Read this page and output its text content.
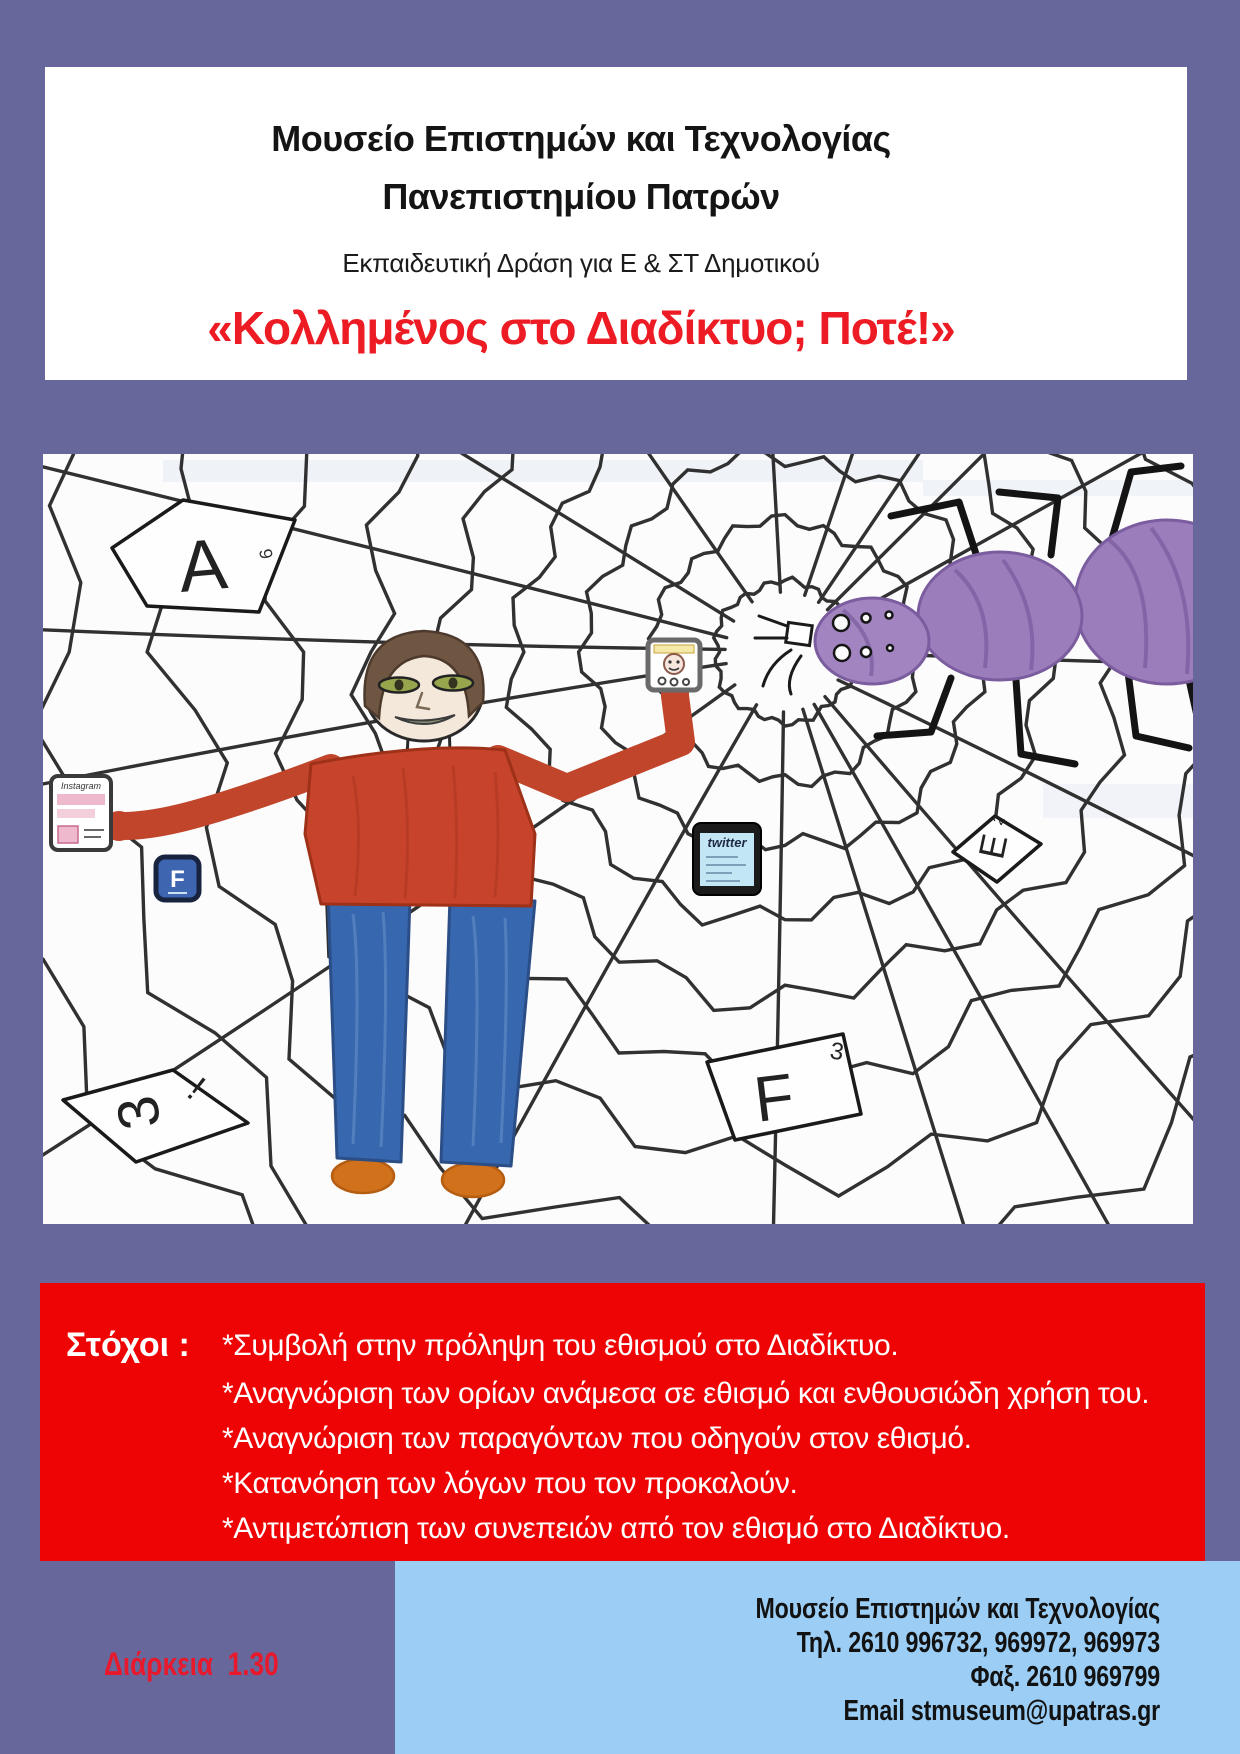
Μουσείο Επιστημών και Τεχνολογίας
Πανεπιστημίου Πατρών
Εκπαιδευτική Δράση για Ε & ΣΤ Δημοτικού
«Κολλημένος στο Διαδίκτυο; Ποτέ!»
A 9
3
!	F
3
E
2
Instagram
F
twitter
Στόχοι :	*Συμβολή στην πρόληψη του εθισμού στο Διαδίκτυο.
*Αναγνώριση των ορίων ανάμεσα σε εθισμό και ενθουσιώδη χρήση του.
*Αναγνώριση των παραγόντων που οδηγούν στον εθισμό.
*Κατανόηση των λόγων που τον προκαλούν.
*Αντιμετώπιση των συνεπειών από τον εθισμό στο Διαδίκτυο.
Διάρκεια  1.30
Μουσείο Επιστημών και Τεχνολογίας
Τηλ. 2610 996732, 969972, 969973
Φαξ. 2610 969799
Email stmuseum@upatras.gr
